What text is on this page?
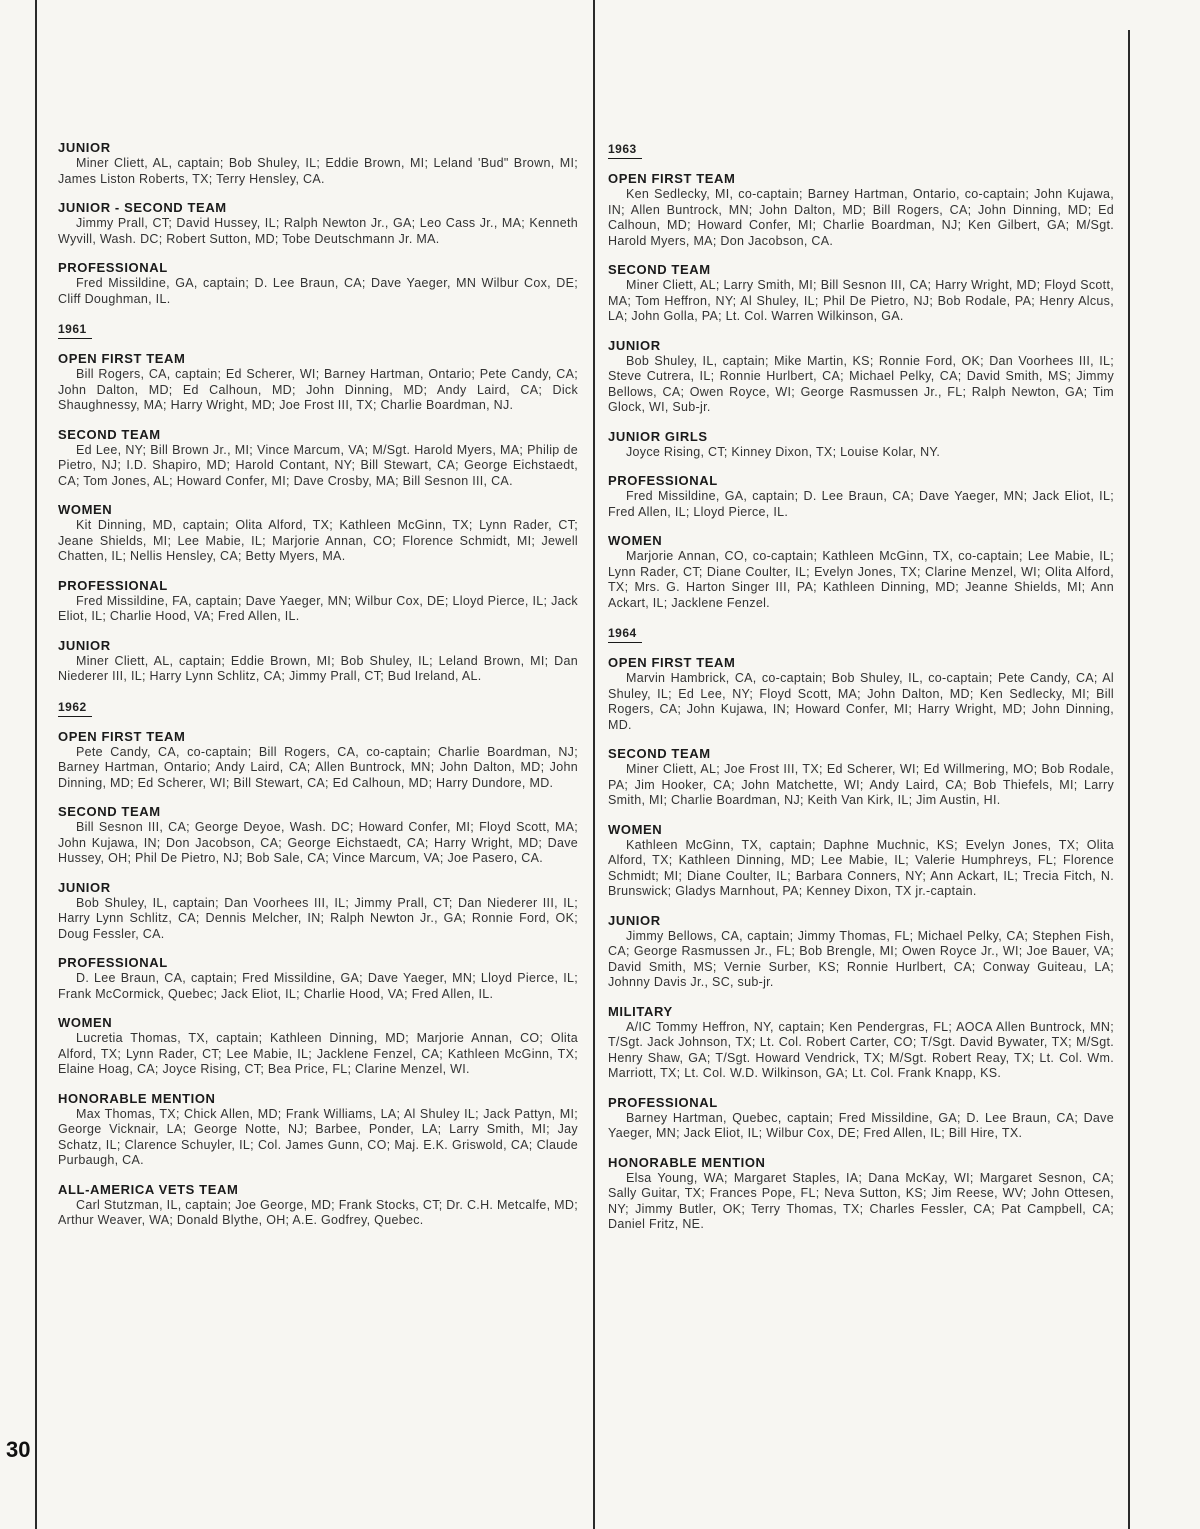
JUNIOR
Miner Cliett, AL, captain; Bob Shuley, IL; Eddie Brown, MI; Leland 'Bud" Brown, MI; James Liston Roberts, TX; Terry Hensley, CA.
JUNIOR - SECOND TEAM
Jimmy Prall, CT; David Hussey, IL; Ralph Newton Jr., GA; Leo Cass Jr., MA; Kenneth Wyvill, Wash. DC; Robert Sutton, MD; Tobe Deutschmann Jr. MA.
PROFESSIONAL
Fred Missildine, GA, captain; D. Lee Braun, CA; Dave Yaeger, MN Wilbur Cox, DE; Cliff Doughman, IL.
1961
OPEN FIRST TEAM
Bill Rogers, CA, captain; Ed Scherer, WI; Barney Hartman, Ontario; Pete Candy, CA; John Dalton, MD; Ed Calhoun, MD; John Dinning, MD; Andy Laird, CA; Dick Shaughnessy, MA; Harry Wright, MD; Joe Frost III, TX; Charlie Boardman, NJ.
SECOND TEAM
Ed Lee, NY; Bill Brown Jr., MI; Vince Marcum, VA; M/Sgt. Harold Myers, MA; Philip de Pietro, NJ; I.D. Shapiro, MD; Harold Contant, NY; Bill Stewart, CA; George Eichstaedt, CA; Tom Jones, AL; Howard Confer, MI; Dave Crosby, MA; Bill Sesnon III, CA.
WOMEN
Kit Dinning, MD, captain; Olita Alford, TX; Kathleen McGinn, TX; Lynn Rader, CT; Jeane Shields, MI; Lee Mabie, IL; Marjorie Annan, CO; Florence Schmidt, MI; Jewell Chatten, IL; Nellis Hensley, CA; Betty Myers, MA.
PROFESSIONAL
Fred Missildine, FA, captain; Dave Yaeger, MN; Wilbur Cox, DE; Lloyd Pierce, IL; Jack Eliot, IL; Charlie Hood, VA; Fred Allen, IL.
JUNIOR
Miner Cliett, AL, captain; Eddie Brown, MI; Bob Shuley, IL; Leland Brown, MI; Dan Niederer III, IL; Harry Lynn Schlitz, CA; Jimmy Prall, CT; Bud Ireland, AL.
1962
OPEN FIRST TEAM
Pete Candy, CA, co-captain; Bill Rogers, CA, co-captain; Charlie Boardman, NJ; Barney Hartman, Ontario; Andy Laird, CA; Allen Buntrock, MN; John Dalton, MD; John Dinning, MD; Ed Scherer, WI; Bill Stewart, CA; Ed Calhoun, MD; Harry Dundore, MD.
SECOND TEAM
Bill Sesnon III, CA; George Deyoe, Wash. DC; Howard Confer, MI; Floyd Scott, MA; John Kujawa, IN; Don Jacobson, CA; George Eichstaedt, CA; Harry Wright, MD; Dave Hussey, OH; Phil De Pietro, NJ; Bob Sale, CA; Vince Marcum, VA; Joe Pasero, CA.
JUNIOR
Bob Shuley, IL, captain; Dan Voorhees III, IL; Jimmy Prall, CT; Dan Niederer III, IL; Harry Lynn Schlitz, CA; Dennis Melcher, IN; Ralph Newton Jr., GA; Ronnie Ford, OK; Doug Fessler, CA.
PROFESSIONAL
D. Lee Braun, CA, captain; Fred Missildine, GA; Dave Yaeger, MN; Lloyd Pierce, IL; Frank McCormick, Quebec; Jack Eliot, IL; Charlie Hood, VA; Fred Allen, IL.
WOMEN
Lucretia Thomas, TX, captain; Kathleen Dinning, MD; Marjorie Annan, CO; Olita Alford, TX; Lynn Rader, CT; Lee Mabie, IL; Jacklene Fenzel, CA; Kathleen McGinn, TX; Elaine Hoag, CA; Joyce Rising, CT; Bea Price, FL; Clarine Menzel, WI.
HONORABLE MENTION
Max Thomas, TX; Chick Allen, MD; Frank Williams, LA; Al Shuley IL; Jack Pattyn, MI; George Vicknair, LA; George Notte, NJ; Barbee, Ponder, LA; Larry Smith, MI; Jay Schatz, IL; Clarence Schuyler, IL; Col. James Gunn, CO; Maj. E.K. Griswold, CA; Claude Purbaugh, CA.
ALL-AMERICA VETS TEAM
Carl Stutzman, IL, captain; Joe George, MD; Frank Stocks, CT; Dr. C.H. Metcalfe, MD; Arthur Weaver, WA; Donald Blythe, OH; A.E. Godfrey, Quebec.
1963
OPEN FIRST TEAM
Ken Sedlecky, MI, co-captain; Barney Hartman, Ontario, co-captain; John Kujawa, IN; Allen Buntrock, MN; John Dalton, MD; Bill Rogers, CA; John Dinning, MD; Ed Calhoun, MD; Howard Confer, MI; Charlie Boardman, NJ; Ken Gilbert, GA; M/Sgt. Harold Myers, MA; Don Jacobson, CA.
SECOND TEAM
Miner Cliett, AL; Larry Smith, MI; Bill Sesnon III, CA; Harry Wright, MD; Floyd Scott, MA; Tom Heffron, NY; Al Shuley, IL; Phil De Pietro, NJ; Bob Rodale, PA; Henry Alcus, LA; John Golla, PA; Lt. Col. Warren Wilkinson, GA.
JUNIOR
Bob Shuley, IL, captain; Mike Martin, KS; Ronnie Ford, OK; Dan Voorhees III, IL; Steve Cutrera, IL; Ronnie Hurlbert, CA; Michael Pelky, CA; David Smith, MS; Jimmy Bellows, CA; Owen Royce, WI; George Rasmussen Jr., FL; Ralph Newton, GA; Tim Glock, WI, Sub-jr.
JUNIOR GIRLS
Joyce Rising, CT; Kinney Dixon, TX; Louise Kolar, NY.
PROFESSIONAL
Fred Missildine, GA, captain; D. Lee Braun, CA; Dave Yaeger, MN; Jack Eliot, IL; Fred Allen, IL; Lloyd Pierce, IL.
WOMEN
Marjorie Annan, CO, co-captain; Kathleen McGinn, TX, co-captain; Lee Mabie, IL; Lynn Rader, CT; Diane Coulter, IL; Evelyn Jones, TX; Clarine Menzel, WI; Olita Alford, TX; Mrs. G. Harton Singer III, PA; Kathleen Dinning, MD; Jeanne Shields, MI; Ann Ackart, IL; Jacklene Fenzel.
1964
OPEN FIRST TEAM
Marvin Hambrick, CA, co-captain; Bob Shuley, IL, co-captain; Pete Candy, CA; Al Shuley, IL; Ed Lee, NY; Floyd Scott, MA; John Dalton, MD; Ken Sedlecky, MI; Bill Rogers, CA; John Kujawa, IN; Howard Confer, MI; Harry Wright, MD; John Dinning, MD.
SECOND TEAM
Miner Cliett, AL; Joe Frost III, TX; Ed Scherer, WI; Ed Willmering, MO; Bob Rodale, PA; Jim Hooker, CA; John Matchette, WI; Andy Laird, CA; Bob Thiefels, MI; Larry Smith, MI; Charlie Boardman, NJ; Keith Van Kirk, IL; Jim Austin, HI.
WOMEN
Kathleen McGinn, TX, captain; Daphne Muchnic, KS; Evelyn Jones, TX; Olita Alford, TX; Kathleen Dinning, MD; Lee Mabie, IL; Valerie Humphreys, FL; Florence Schmidt; MI; Diane Coulter, IL; Barbara Conners, NY; Ann Ackart, IL; Trecia Fitch, N. Brunswick; Gladys Marnhout, PA; Kenney Dixon, TX jr.-captain.
JUNIOR
Jimmy Bellows, CA, captain; Jimmy Thomas, FL; Michael Pelky, CA; Stephen Fish, CA; George Rasmussen Jr., FL; Bob Brengle, MI; Owen Royce Jr., WI; Joe Bauer, VA; David Smith, MS; Vernie Surber, KS; Ronnie Hurlbert, CA; Conway Guiteau, LA; Johnny Davis Jr., SC, sub-jr.
MILITARY
A/IC Tommy Heffron, NY, captain; Ken Pendergras, FL; AOCA Allen Buntrock, MN; T/Sgt. Jack Johnson, TX; Lt. Col. Robert Carter, CO; T/Sgt. David Bywater, TX; M/Sgt. Henry Shaw, GA; T/Sgt. Howard Vendrick, TX; M/Sgt. Robert Reay, TX; Lt. Col. Wm. Marriott, TX; Lt. Col. W.D. Wilkinson, GA; Lt. Col. Frank Knapp, KS.
PROFESSIONAL
Barney Hartman, Quebec, captain; Fred Missildine, GA; D. Lee Braun, CA; Dave Yaeger, MN; Jack Eliot, IL; Wilbur Cox, DE; Fred Allen, IL; Bill Hire, TX.
HONORABLE MENTION
Elsa Young, WA; Margaret Staples, IA; Dana McKay, WI; Margaret Sesnon, CA; Sally Guitar, TX; Frances Pope, FL; Neva Sutton, KS; Jim Reese, WV; John Ottesen, NY; Jimmy Butler, OK; Terry Thomas, TX; Charles Fessler, CA; Pat Campbell, CA; Daniel Fritz, NE.
30
